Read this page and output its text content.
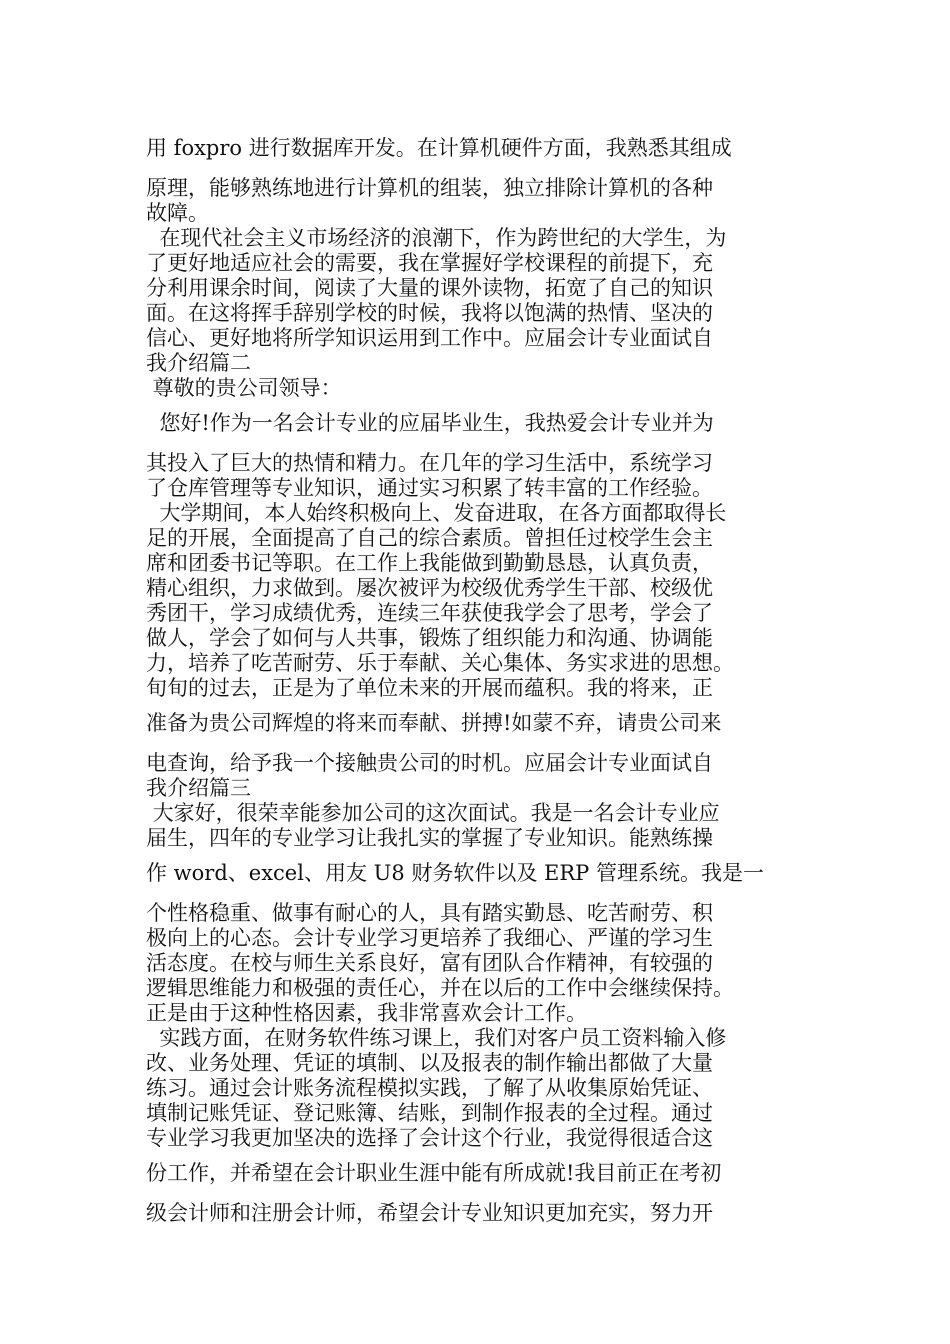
用 foxpro 进行数据库开发。在计算机硬件方面，我熟悉其组成

原理，能够熟练地进行计算机的组装，独立排除计算机的各种

故障。

在现代社会主义市场经济的浪潮下，作为跨世纪的大学生，为

了更好地适应社会的需要，我在掌握好学校课程的前提下，充

分利用课余时间，阅读了大量的课外读物，拓宽了自己的知识

面。在这将挥手辞别学校的时候，我将以饱满的热情、坚决的

信心、更好地将所学知识运用到工作中。应届会计专业面试自

我介绍篇二

尊敬的贵公司领导：

您好!作为一名会计专业的应届毕业生，我热爱会计专业并为

其投入了巨大的热情和精力。在几年的学习生活中，系统学习

了仓库管理等专业知识，通过实习积累了转丰富的工作经验。

大学期间，本人始终积极向上、发奋进取，在各方面都取得长

足的开展，全面提高了自己的综合素质。曾担任过校学生会主

席和团委书记等职。在工作上我能做到勤勤恳恳，认真负责，

精心组织，力求做到。屡次被评为校级优秀学生干部、校级优

秀团干，学习成绩优秀，连续三年获使我学会了思考，学会了

做人，学会了如何与人共事，锻炼了组织能力和沟通、协调能

力，培养了吃苦耐劳、乐于奉献、关心集体、务实求进的思想。

旬旬的过去，正是为了单位未来的开展而蕴积。我的将来，正

准备为贵公司辉煌的将来而奉献、拼搏!如蒙不弃，请贵公司来

电查询，给予我一个接触贵公司的时机。应届会计专业面试自

我介绍篇三

大家好，很荣幸能参加公司的这次面试。我是一名会计专业应

届生，四年的专业学习让我扎实的掌握了专业知识。能熟练操

作 word、excel、用友 U8 财务软件以及 ERP 管理系统。我是一

个性格稳重、做事有耐心的人，具有踏实勤恳、吃苦耐劳、积

极向上的心态。会计专业学习更培养了我细心、严谨的学习生

活态度。在校与师生关系良好，富有团队合作精神，有较强的

逻辑思维能力和极强的责任心，并在以后的工作中会继续保持。

正是由于这种性格因素，我非常喜欢会计工作。

实践方面，在财务软件练习课上，我们对客户员工资料输入修

改、业务处理、凭证的填制、以及报表的制作输出都做了大量

练习。通过会计账务流程模拟实践，了解了从收集原始凭证、

填制记账凭证、登记账簿、结账，到制作报表的全过程。通过

专业学习我更加坚决的选择了会计这个行业，我觉得很适合这

份工作，并希望在会计职业生涯中能有所成就!我目前正在考初

级会计师和注册会计师，希望会计专业知识更加充实，努力开
